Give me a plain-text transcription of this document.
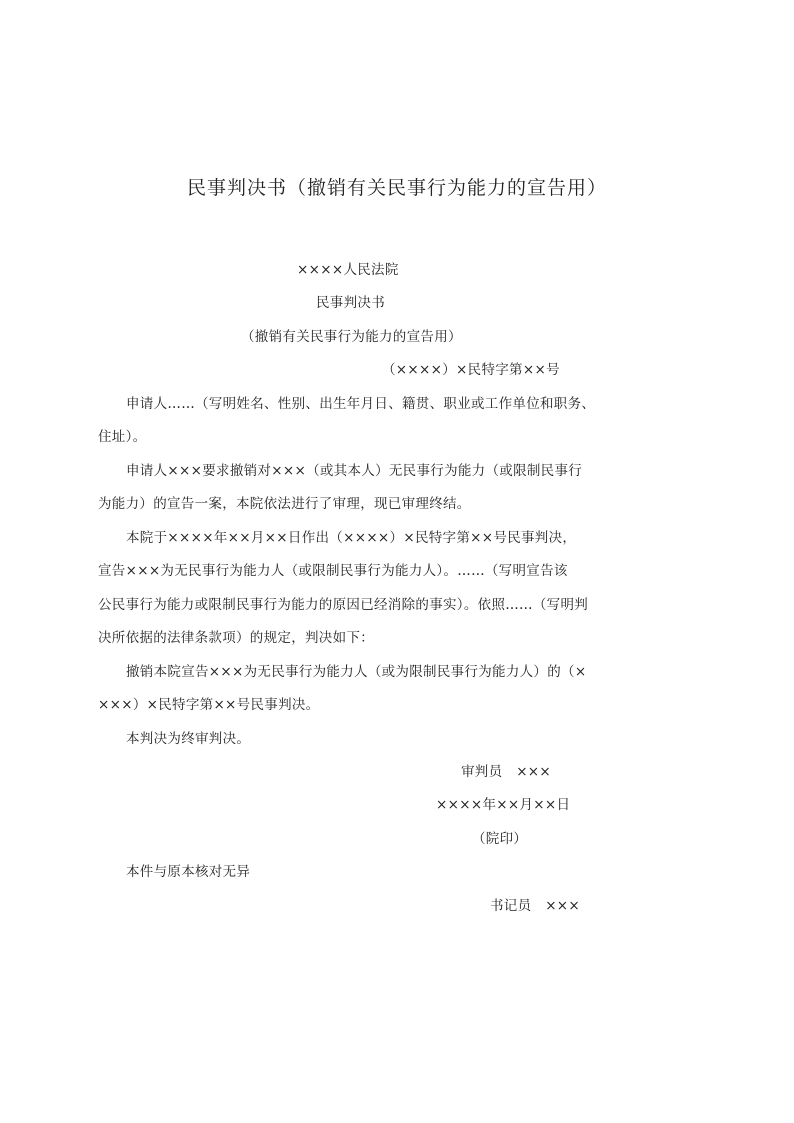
民事判决书（撤销有关民事行为能力的宣告用）
××××人民法院
民事判决书
（撤销有关民事行为能力的宣告用）
（××××）×民特字第××号
申请人……（写明姓名、性别、出生年月日、籍贯、职业或工作单位和职务、
住址）。
申请人×××要求撤销对×××（或其本人）无民事行为能力（或限制民事行
为能力）的宣告一案，本院依法进行了审理，现已审理终结。
本院于××××年××月××日作出（××××）×民特字第××号民事判决，
宣告×××为无民事行为能力人（或限制民事行为能力人）。……（写明宣告该
公民事行为能力或限制民事行为能力的原因已经消除的事实）。依照……（写明判
决所依据的法律条款项）的规定，判决如下：
撤销本院宣告×××为无民事行为能力人（或为限制民事行为能力人）的（×
×××）×民特字第××号民事判决。
本判决为终审判决。
审判员　×××
××××年××月××日
（院印）
本件与原本核对无异
书记员　×××
